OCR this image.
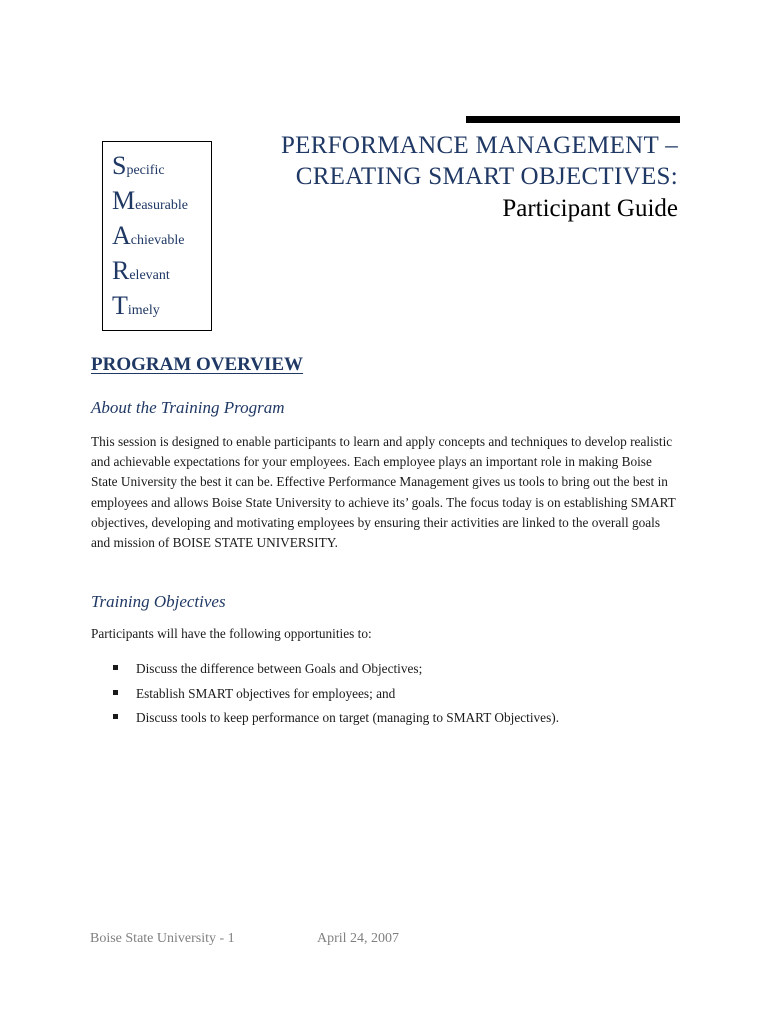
Specific
Measurable
Achievable
Relevant
Timely
PERFORMANCE MANAGEMENT –
CREATING SMART OBJECTIVES:
Participant Guide
PROGRAM OVERVIEW
About the Training Program
This session is designed to enable participants to learn and apply concepts and techniques to develop realistic and achievable expectations for your employees. Each employee plays an important role in making Boise State University the best it can be. Effective Performance Management gives us tools to bring out the best in employees and allows Boise State University to achieve its’ goals. The focus today is on establishing SMART objectives, developing and motivating employees by ensuring their activities are linked to the overall goals and mission of BOISE STATE UNIVERSITY.
Training Objectives
Participants will have the following opportunities to:
Discuss the difference between Goals and Objectives;
Establish SMART objectives for employees; and
Discuss tools to keep performance on target (managing to SMART Objectives).
Boise State University - 1	April 24, 2007
